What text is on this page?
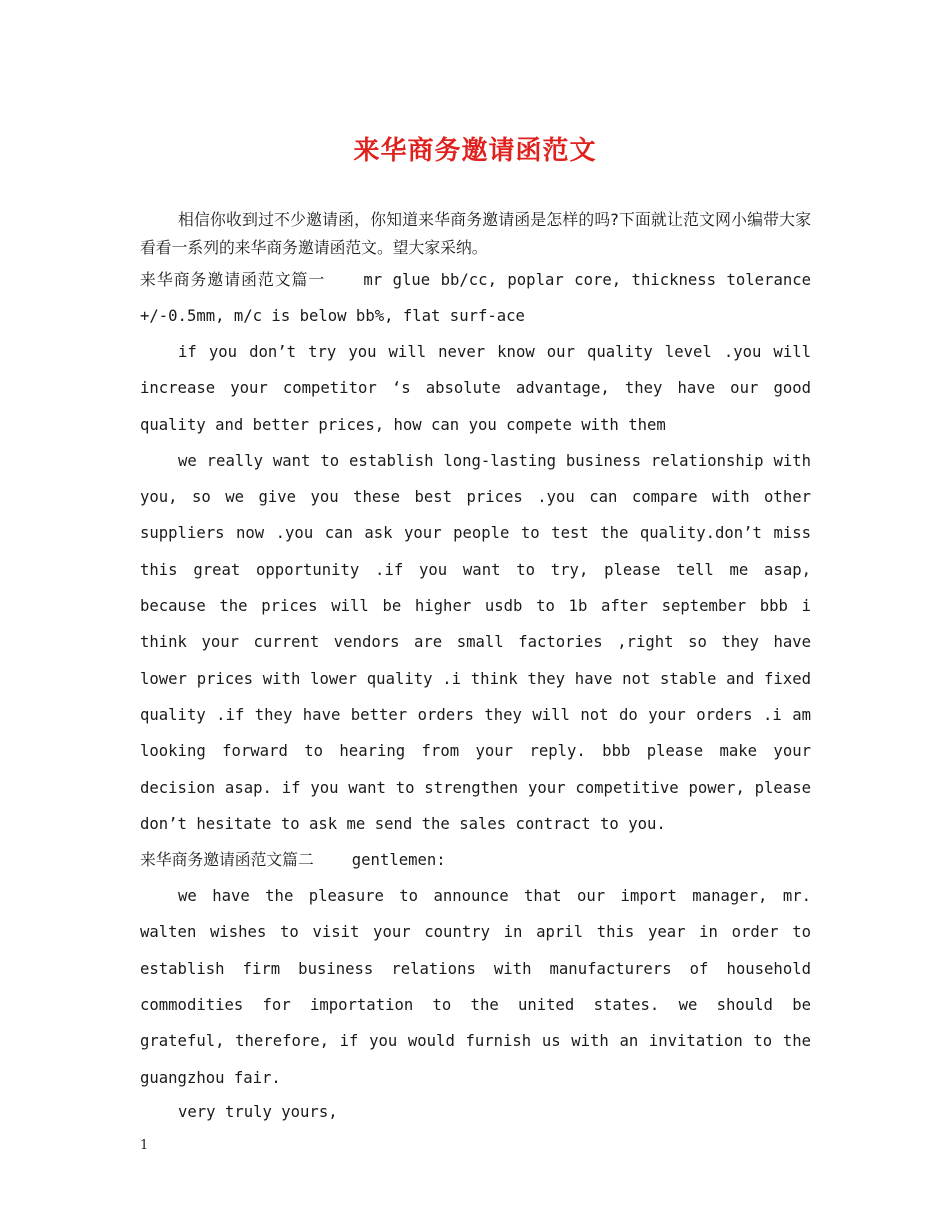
来华商务邀请函范文

相信你收到过不少邀请函，你知道来华商务邀请函是怎样的吗?下面就让范文网小编带大家看看一系列的来华商务邀请函范文。望大家采纳。

来华商务邀请函范文篇一 mr glue bb/cc, poplar core, thickness tolerance +/-0.5mm, m/c is below bb%, flat surf-ace

if you don’t try you will never know our quality level .you will increase your competitor ‘s absolute advantage, they have our good quality and better prices, how can you compete with them

we really want to establish long-lasting business relationship with you, so we give you these best prices .you can compare with other suppliers now .you can ask your people to test the quality.don’t miss this great opportunity .if you want to try, please tell me asap, because the prices will be higher usdb to 1b after september bbb i think your current vendors are small factories ,right so they have lower prices with lower quality .i think they have not stable and fixed quality .if they have better orders they will not do your orders .i am looking forward to hearing from your reply. bbb please make your decision asap. if you want to strengthen your competitive power, please don’t hesitate to ask me send the sales contract to you.

来华商务邀请函范文篇二 gentlemen:

we have the pleasure to announce that our import manager, mr. walten wishes to visit your country in april this year in order to establish firm business relations with manufacturers of household commodities for importation to the united states. we should be grateful, therefore, if you would furnish us with an invitation to the guangzhou fair.

very truly yours,

1
